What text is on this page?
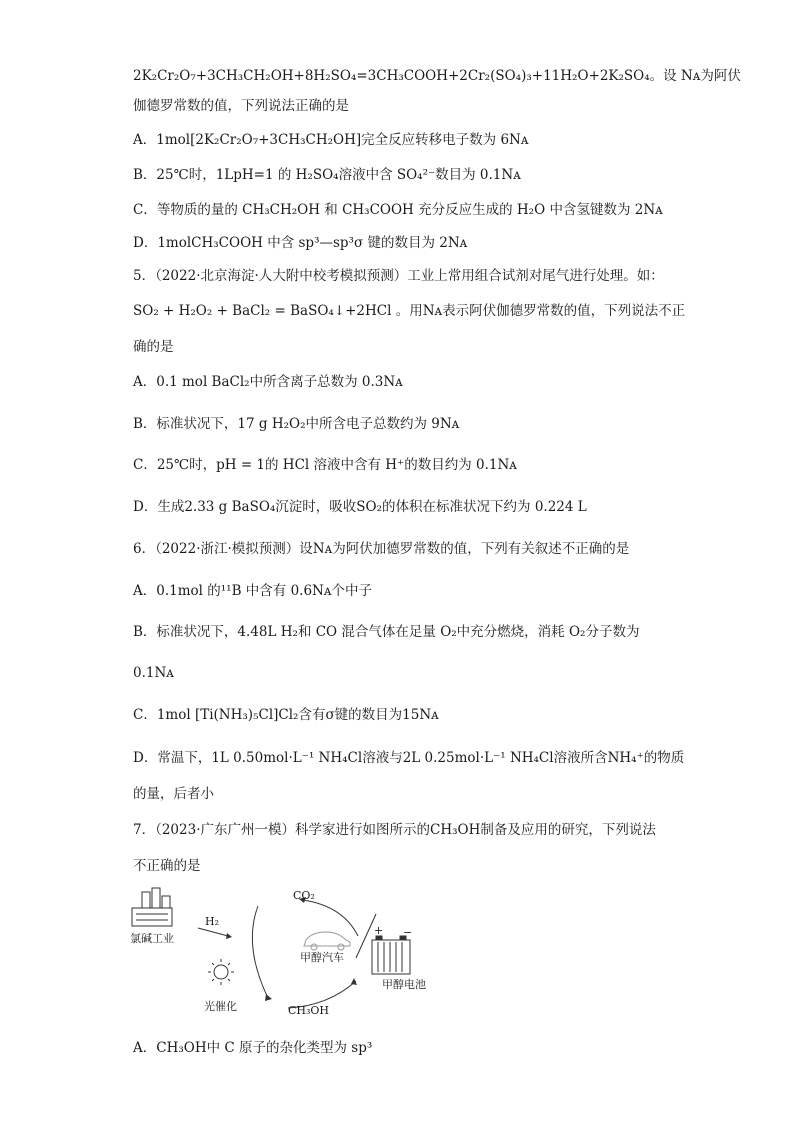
2K₂Cr₂O₇+3CH₃CH₂OH+8H₂SO₄=3CH₃COOH+2Cr₂(SO₄)₃+11H₂O+2K₂SO₄。设 Nᴀ为阿伏
伽德罗常数的值，下列说法正确的是
A．1mol[2K₂Cr₂O₇+3CH₃CH₂OH]完全反应转移电子数为 6Nᴀ
B．25℃时，1LpH=1 的 H₂SO₄溶液中含 SO₄²⁻数目为 0.1Nᴀ
C．等物质的量的 CH₃CH₂OH 和 CH₃COOH 充分反应生成的 H₂O 中含氢键数为 2Nᴀ
D．1molCH₃COOH 中含 sp³—sp³σ 键的数目为 2Nᴀ
5．（2022·北京海淀·人大附中校考模拟预测）工业上常用组合试剂对尾气进行处理。如：
SO₂ + H₂O₂ + BaCl₂ = BaSO₄↓+2HCl 。用Nᴀ表示阿伏伽德罗常数的值，下列说法不正
确的是
A．0.1 mol BaCl₂中所含离子总数为 0.3Nᴀ
B．标准状况下，17 g H₂O₂中所含电子总数约为 9Nᴀ
C．25℃时，pH = 1的 HCl 溶液中含有 H⁺的数目约为 0.1Nᴀ
D．生成2.33 g BaSO₄沉淀时，吸收SO₂的体积在标准状况下约为 0.224 L
6．（2022·浙江·模拟预测）设Nᴀ为阿伏加德罗常数的值，下列有关叙述不正确的是
A．0.1mol 的¹¹B 中含有 0.6Nᴀ个中子
B．标准状况下，4.48L H₂和 CO 混合气体在足量 O₂中充分燃烧，消耗 O₂分子数为
0.1Nᴀ
C．1mol [Ti(NH₃)₅Cl]Cl₂含有σ键的数目为15Nᴀ
D．常温下，1L 0.50mol·L⁻¹ NH₄Cl溶液与2L 0.25mol·L⁻¹ NH₄Cl溶液所含NH₄⁺的物质
的量，后者小
7．（2023·广东广州一模）科学家进行如图所示的CH₃OH制备及应用的研究，下列说法
不正确的是
CO₂
H₂
氯碱工业
甲醇汽车
+ −
甲醇电池
光催化	CH₃OH
A．CH₃OH中 C 原子的杂化类型为 sp³
